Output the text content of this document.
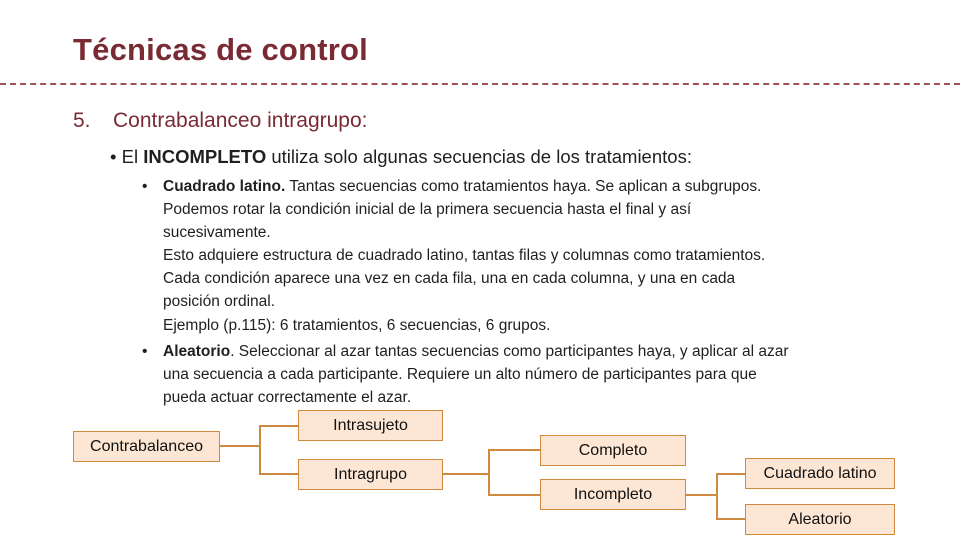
Técnicas de control
5. Contrabalanceo intragrupo:
• El INCOMPLETO utiliza solo algunas secuencias de los tratamientos:
• Cuadrado latino. Tantas secuencias como tratamientos haya. Se aplican a subgrupos.
Podemos rotar la condición inicial de la primera secuencia hasta el final y así
sucesivamente.
Esto adquiere estructura de cuadrado latino, tantas filas y columnas como tratamientos.
Cada condición aparece una vez en cada fila, una en cada columna, y una en cada
posición ordinal.
Ejemplo (p.115): 6 tratamientos, 6 secuencias, 6 grupos.
• Aleatorio. Seleccionar al azar tantas secuencias como participantes haya, y aplicar al azar
una secuencia a cada participante. Requiere un alto número de participantes para que
pueda actuar correctamente el azar.
Contrabalanceo
Intrasujeto
Intragrupo
Completo
Incompleto
Cuadrado latino
Aleatorio
